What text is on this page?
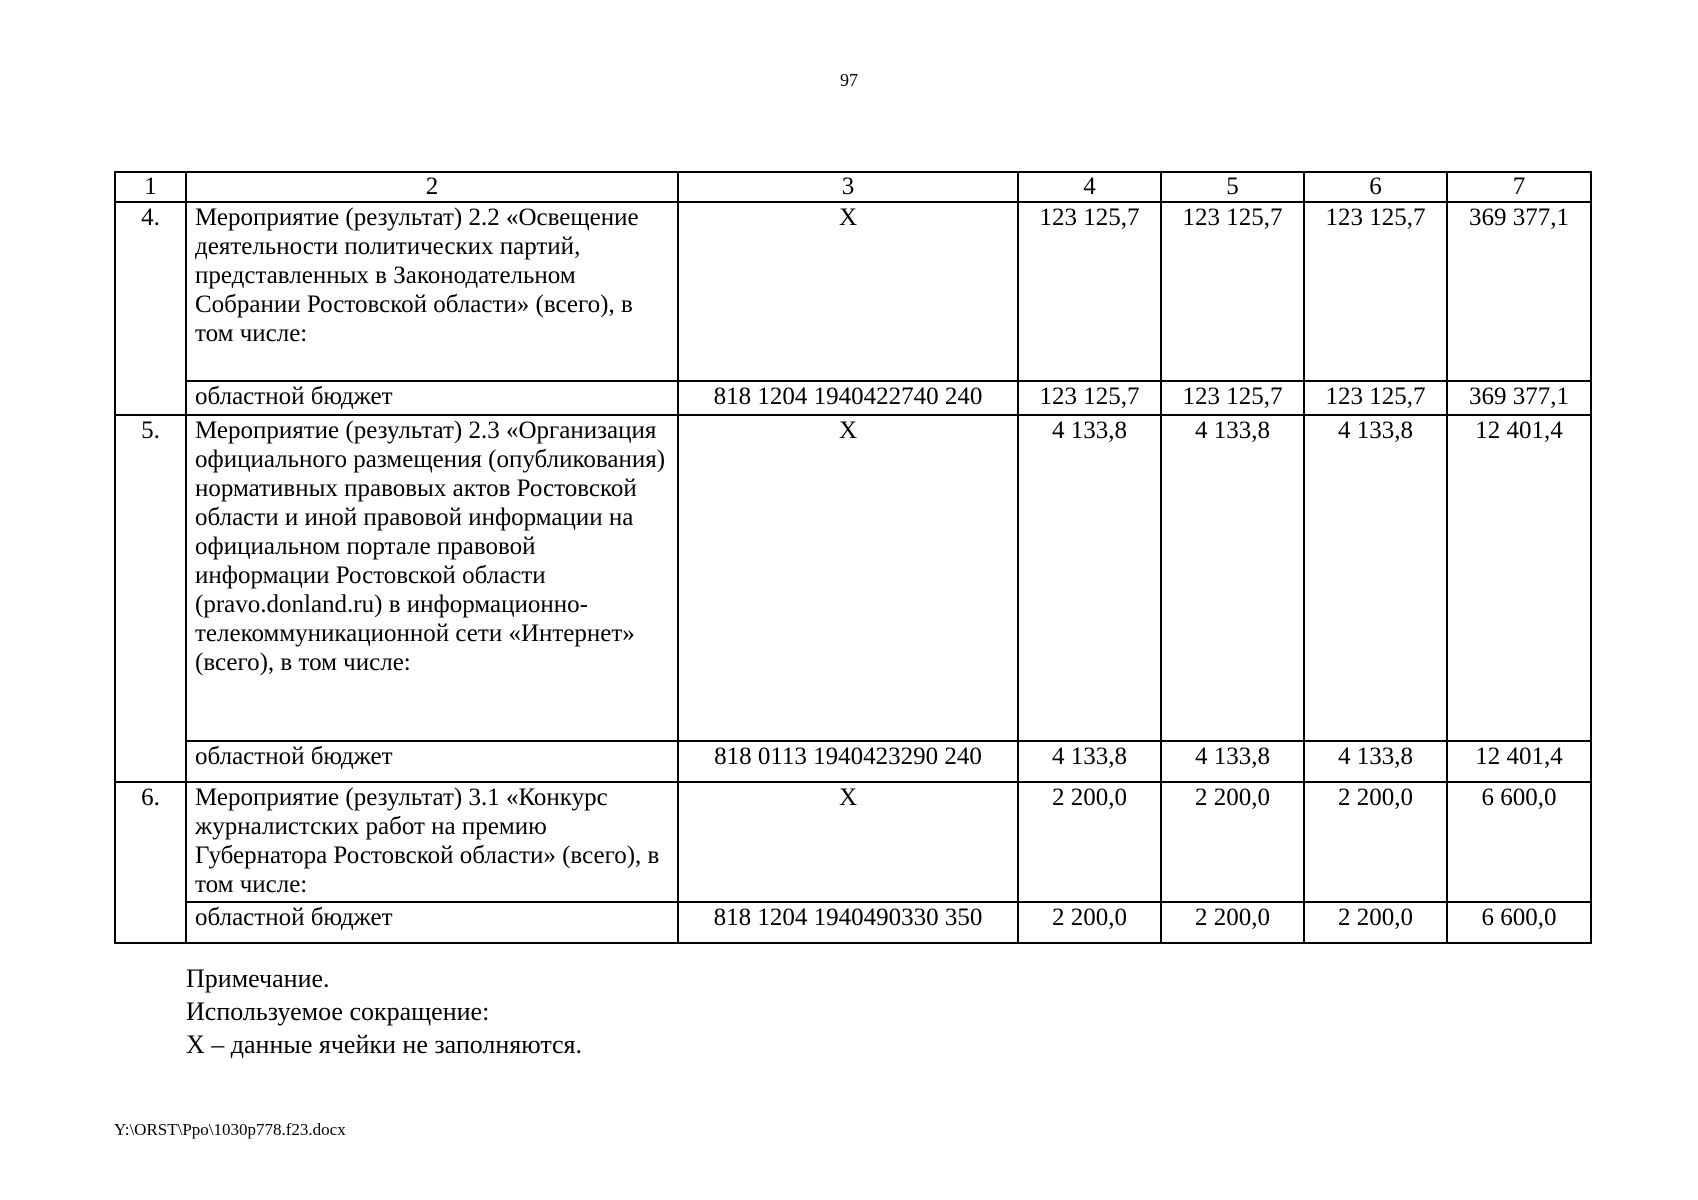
97
1	2	3	4	5	6	7
4.	Мероприятие (результат) 2.2 «Освещение деятельности политических партий, представленных в Законодательном Собрании Ростовской области» (всего), в том числе:	X	123 125,7	123 125,7	123 125,7	369 377,1
	областной бюджет	818 1204 1940422740 240	123 125,7	123 125,7	123 125,7	369 377,1
5.	Мероприятие (результат) 2.3 «Организация официального размещения (опубликования) нормативных правовых актов Ростовской области и иной правовой информации на официальном портале правовой информации Ростовской области (pravo.donland.ru) в информационно-телекоммуникационной сети «Интернет» (всего), в том числе:	X	4 133,8	4 133,8	4 133,8	12 401,4
	областной бюджет	818 0113 1940423290 240	4 133,8	4 133,8	4 133,8	12 401,4
6.	Мероприятие (результат) 3.1 «Конкурс журналистских работ на премию Губернатора Ростовской области» (всего), в том числе:	X	2 200,0	2 200,0	2 200,0	6 600,0
	областной бюджет	818 1204 1940490330 350	2 200,0	2 200,0	2 200,0	6 600,0
Примечание.
Используемое сокращение:
X – данные ячейки не заполняются.
Y:\ORST\Ppo\1030p778.f23.docx
